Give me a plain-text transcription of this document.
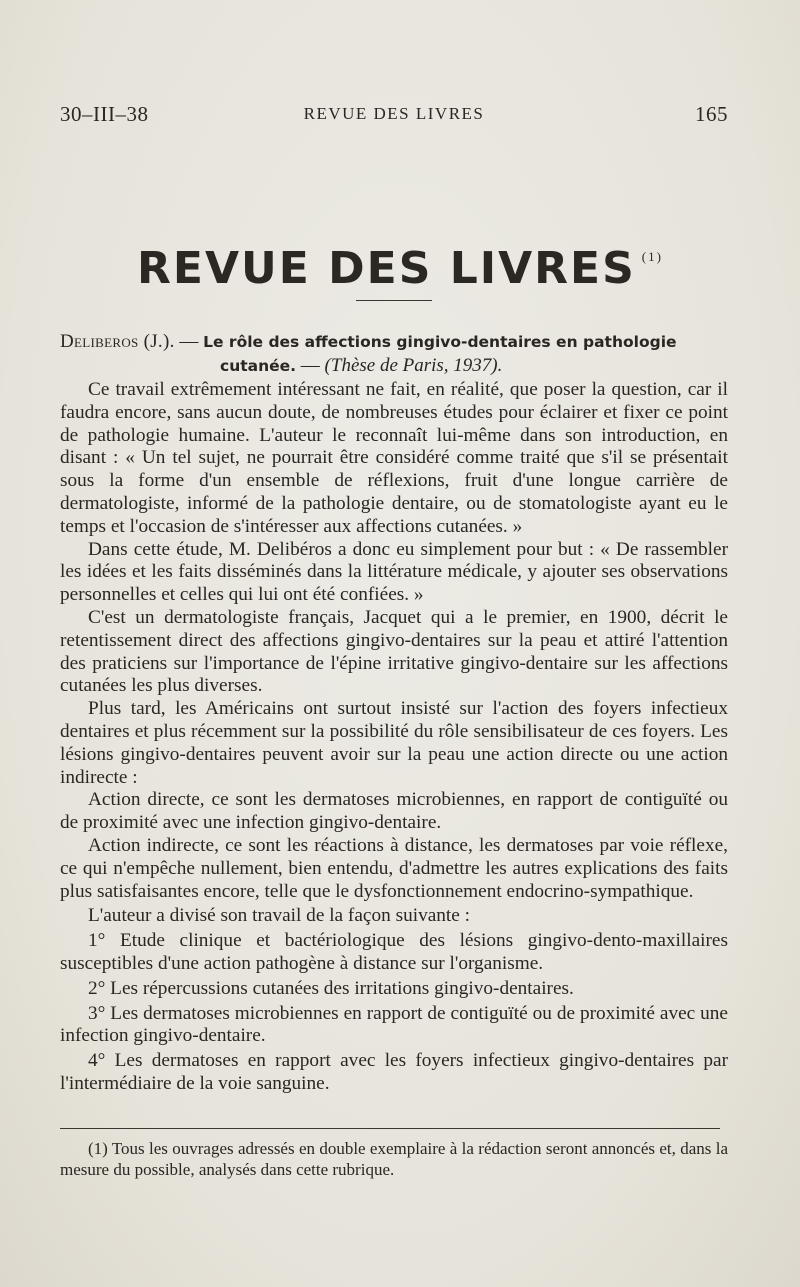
30–III–38	REVUE DES LIVRES	165
REVUE DES LIVRES $^{(1)}$
Deliberos (J.). — Le rôle des affections gingivo-dentaires en pathologie
cutanée. — (Thèse de Paris, 1937).

Ce travail extrêmement intéressant ne fait, en réalité, que poser la question, car il faudra encore, sans aucun doute, de nombreuses études pour éclairer et fixer ce point de pathologie humaine. L'auteur le reconnaît lui-même dans son introduction, en disant : « Un tel sujet, ne pourrait être considéré comme traité que s'il se présentait sous la forme d'un ensemble de réflexions, fruit d'une longue carrière de dermatologiste, informé de la pathologie dentaire, ou de stomatologiste ayant eu le temps et l'occasion de s'intéresser aux affections cutanées. »

Dans cette étude, M. Delibéros a donc eu simplement pour but : « De rassembler les idées et les faits disséminés dans la littérature médicale, y ajouter ses observations personnelles et celles qui lui ont été confiées. »

C'est un dermatologiste français, Jacquet qui a le premier, en 1900, décrit le retentissement direct des affections gingivo-dentaires sur la peau et attiré l'attention des praticiens sur l'importance de l'épine irritative gingivo-dentaire sur les affections cutanées les plus diverses.

Plus tard, les Américains ont surtout insisté sur l'action des foyers infectieux dentaires et plus récemment sur la possibilité du rôle sensibilisateur de ces foyers. Les lésions gingivo-dentaires peuvent avoir sur la peau une action directe ou une action indirecte :

Action directe, ce sont les dermatoses microbiennes, en rapport de contiguïté ou de proximité avec une infection gingivo-dentaire.

Action indirecte, ce sont les réactions à distance, les dermatoses par voie réflexe, ce qui n'empêche nullement, bien entendu, d'admettre les autres explications des faits plus satisfaisantes encore, telle que le dysfonctionnement endocrino-sympathique.

L'auteur a divisé son travail de la façon suivante :

1° Etude clinique et bactériologique des lésions gingivo-dento-maxillaires susceptibles d'une action pathogène à distance sur l'organisme.

2° Les répercussions cutanées des irritations gingivo-dentaires.

3° Les dermatoses microbiennes en rapport de contiguïté ou de proximité avec une infection gingivo-dentaire.

4° Les dermatoses en rapport avec les foyers infectieux gingivo-dentaires par l'intermédiaire de la voie sanguine.

(1) Tous les ouvrages adressés en double exemplaire à la rédaction seront annoncés et, dans la mesure du possible, analysés dans cette rubrique.
